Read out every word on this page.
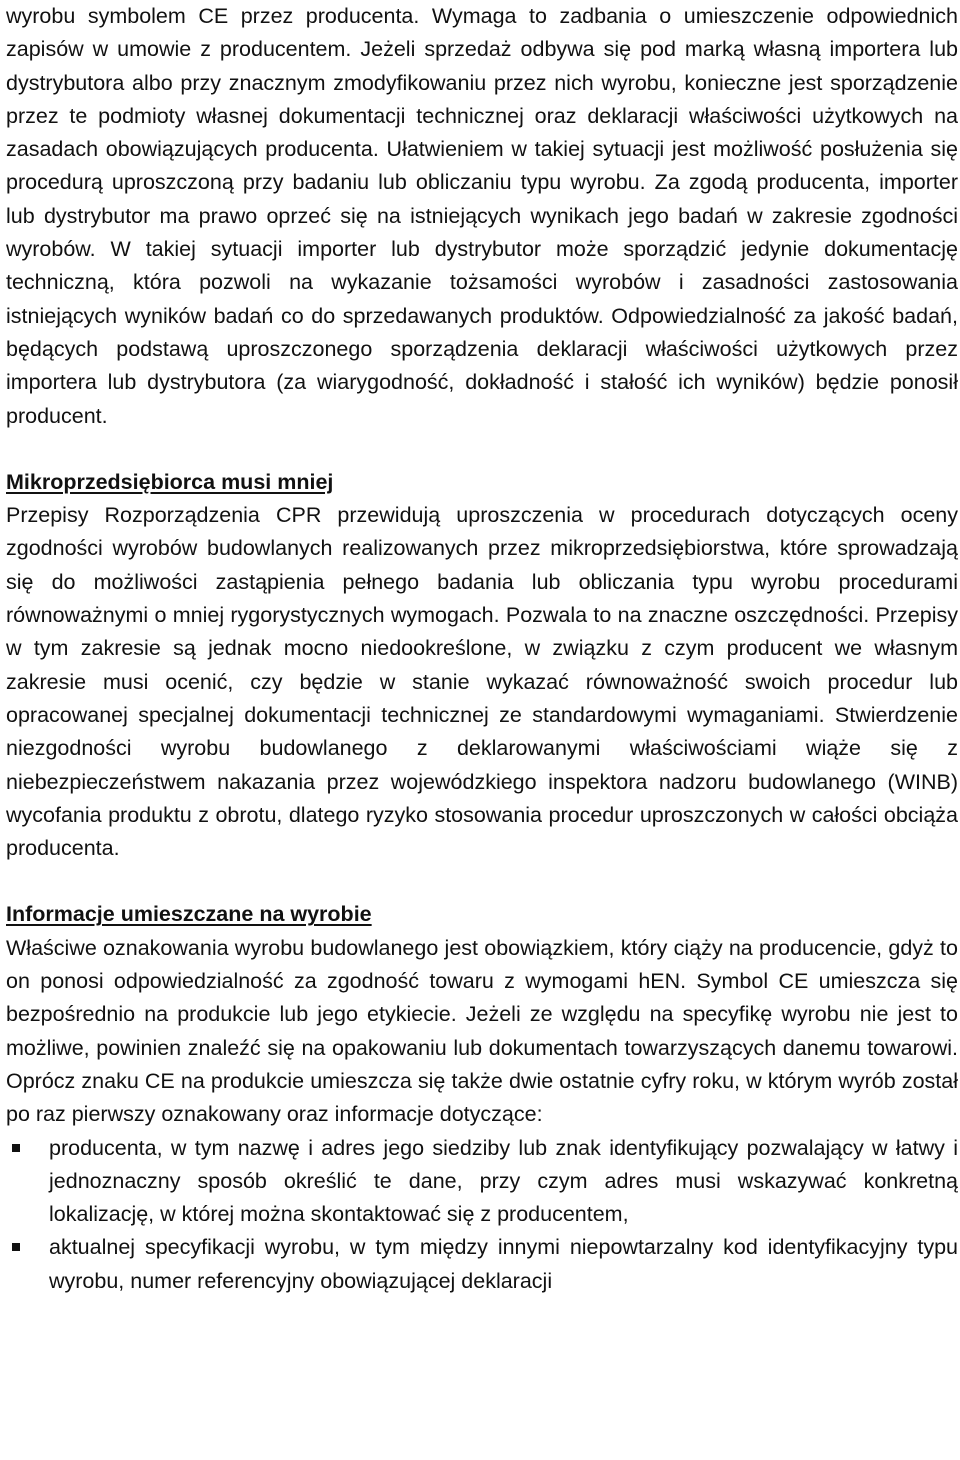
wyrobu symbolem CE przez producenta. Wymaga to zadbania o umieszczenie odpowiednich zapisów w umowie z producentem. Jeżeli sprzedaż odbywa się pod marką własną importera lub dystrybutora albo przy znacznym zmodyfikowaniu przez nich wyrobu, konieczne jest sporządzenie przez te podmioty własnej dokumentacji technicznej oraz deklaracji właściwości użytkowych na zasadach obowiązujących producenta. Ułatwieniem w takiej sytuacji jest możliwość posłużenia się procedurą uproszczoną przy badaniu lub obliczaniu typu wyrobu. Za zgodą producenta, importer lub dystrybutor ma prawo oprzeć się na istniejących wynikach jego badań w zakresie zgodności wyrobów. W takiej sytuacji importer lub dystrybutor może sporządzić jedynie dokumentację techniczną, która pozwoli na wykazanie tożsamości wyrobów i zasadności zastosowania istniejących wyników badań co do sprzedawanych produktów. Odpowiedzialność za jakość badań, będących podstawą uproszczonego sporządzenia deklaracji właściwości użytkowych przez importera lub dystrybutora (za wiarygodność, dokładność i stałość ich wyników) będzie ponosił producent.

Mikroprzedsiębiorca musi mniej

Przepisy Rozporządzenia CPR przewidują uproszczenia w procedurach dotyczących oceny zgodności wyrobów budowlanych realizowanych przez mikroprzedsiębiorstwa, które sprowadzają się do możliwości zastąpienia pełnego badania lub obliczania typu wyrobu procedurami równoważnymi o mniej rygorystycznych wymogach. Pozwala to na znaczne oszczędności. Przepisy w tym zakresie są jednak mocno niedookreślone, w związku z czym producent we własnym zakresie musi ocenić, czy będzie w stanie wykazać równoważność swoich procedur lub opracowanej specjalnej dokumentacji technicznej ze standardowymi wymaganiami. Stwierdzenie niezgodności wyrobu budowlanego z deklarowanymi właściwościami wiąże się z niebezpieczeństwem nakazania przez wojewódzkiego inspektora nadzoru budowlanego (WINB) wycofania produktu z obrotu, dlatego ryzyko stosowania procedur uproszczonych w całości obciąża producenta.

Informacje umieszczane na wyrobie

Właściwe oznakowania wyrobu budowlanego jest obowiązkiem, który ciąży na producencie, gdyż to on ponosi odpowiedzialność za zgodność towaru z wymogami hEN. Symbol CE umieszcza się bezpośrednio na produkcie lub jego etykiecie. Jeżeli ze względu na specyfikę wyrobu nie jest to możliwe, powinien znaleźć się na opakowaniu lub dokumentach towarzyszących danemu towarowi. Oprócz znaku CE na produkcie umieszcza się także dwie ostatnie cyfry roku, w którym wyrób został po raz pierwszy oznakowany oraz informacje dotyczące:

producenta, w tym nazwę i adres jego siedziby lub znak identyfikujący pozwalający w łatwy i jednoznaczny sposób określić te dane, przy czym adres musi wskazywać konkretną lokalizację, w której można skontaktować się z producentem,
aktualnej specyfikacji wyrobu, w tym między innymi niepowtarzalny kod identyfikacyjny typu wyrobu, numer referencyjny obowiązującej deklaracji
